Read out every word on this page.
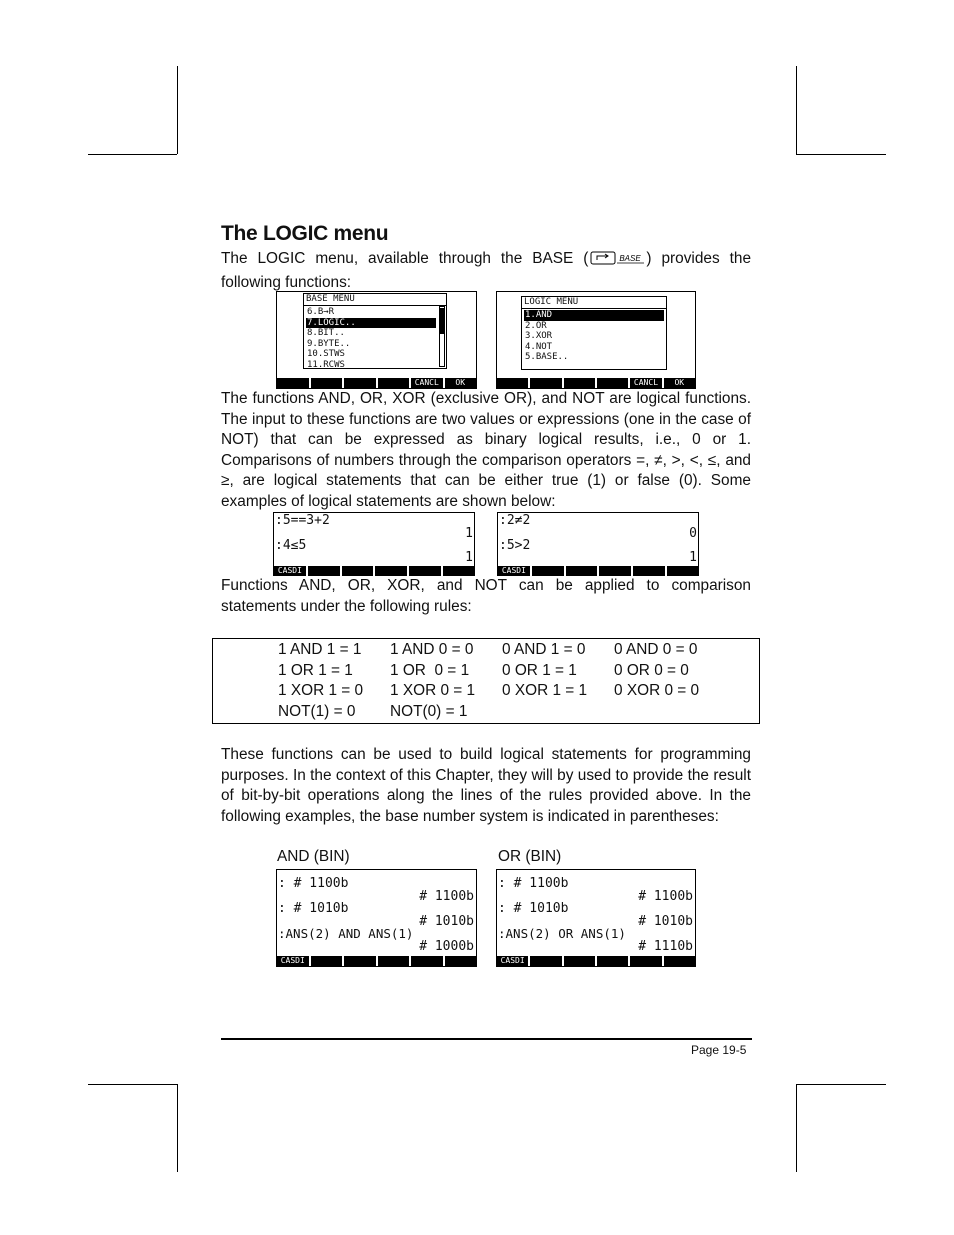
The LOGIC menu

The LOGIC menu, available through the BASE (	BASE ) provides the following functions:

BASE MENU
6.B→R
7.LOGIC..
8.BIT..
9.BYTE..
10.STWS
11.RCWS
CANCL	OK
LOGIC MENU
1.AND
2.OR
3.XOR
4.NOT
5.BASE..
CANCL	OK

The functions AND, OR, XOR (exclusive OR), and NOT are logical functions. The input to these functions are two values or expressions (one in the case of NOT) that can be expressed as binary logical results, i.e., 0 or 1. Comparisons of numbers through the comparison operators =, ≠, >, <, ≤, and ≥, are logical statements that can be either true (1) or false (0). Some examples of logical statements are shown below:

:5==3+2
1
:4≤5
1
CASDI
:2≠2
0
:5>2
1
CASDI

Functions AND, OR, XOR, and NOT can be applied to comparison statements under the following rules:

1 AND 1 = 1 1 AND 0 = 0 0 AND 1 = 0 0 AND 0 = 0
1 OR 1 = 1 1 OR  0 = 1 0 OR 1 = 1 0 OR 0 = 0
1 XOR 1 = 0 1 XOR 0 = 1 0 XOR 1 = 1 0 XOR 0 = 0
NOT(1) = 0 NOT(0) = 1

These functions can be used to build logical statements for programming purposes. In the context of this Chapter, they will by used to provide the result of bit-by-bit operations along the lines of the rules provided above. In the following examples, the base number system is indicated in parentheses:

AND (BIN)	OR (BIN)
: # 1100b
# 1100b
: # 1010b
# 1010b
:ANS(2) AND ANS(1)
# 1000b
CASDI
: # 1100b
# 1100b
: # 1010b
# 1010b
:ANS(2) OR ANS(1)
# 1110b
CASDI
Page 19-5
